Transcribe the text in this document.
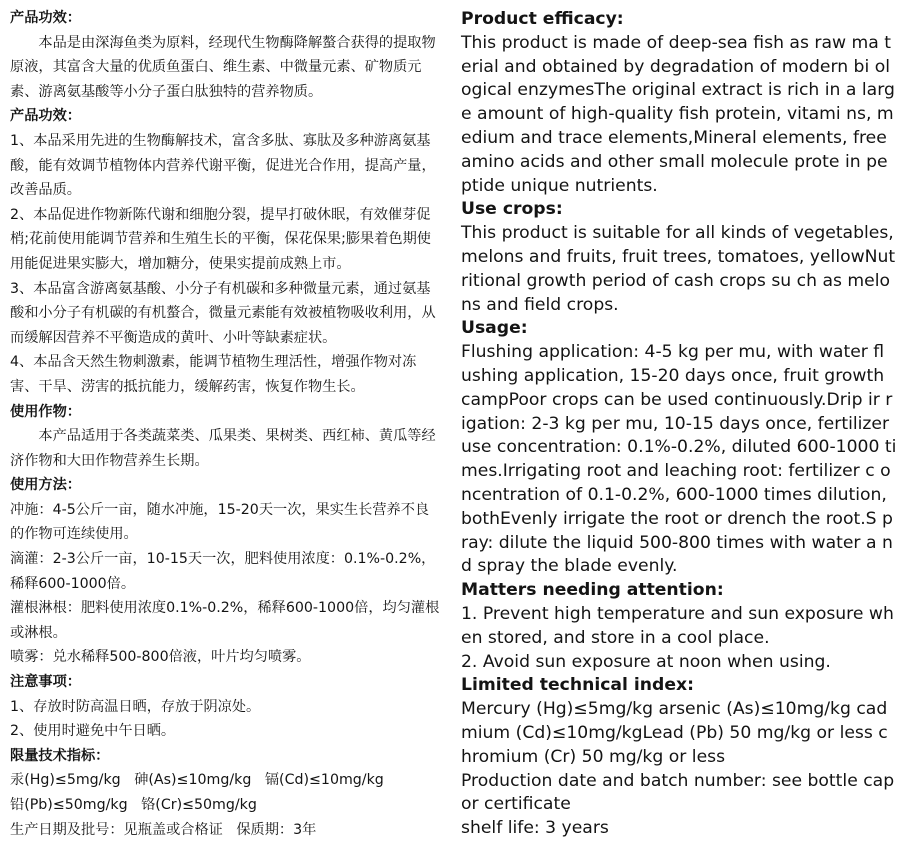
产品功效：
本品是由深海鱼类为原料，经现代生物酶降解螯合获得的提取物原液，其富含大量的优质鱼蛋白、维生素、中微量元素、矿物质元素、游离氨基酸等小分子蛋白肽独特的营养物质。
产品功效：
1、本品采用先进的生物酶解技术，富含多肽、寡肽及多种游离氨基酸，能有效调节植物体内营养代谢平衡，促进光合作用，提高产量，改善品质。
2、本品促进作物新陈代谢和细胞分裂，提早打破休眠，有效催芽促梢;花前使用能调节营养和生殖生长的平衡，保花保果;膨果着色期使用能促进果实膨大，增加糖分，使果实提前成熟上市。
3、本品富含游离氨基酸、小分子有机碳和多种微量元素，通过氨基酸和小分子有机碳的有机螯合，微量元素能有效被植物吸收利用，从而缓解因营养不平衡造成的黄叶、小叶等缺素症状。
4、本品含天然生物刺激素，能调节植物生理活性，增强作物对冻害、干旱、涝害的抵抗能力，缓解药害，恢复作物生长。
使用作物：
本产品适用于各类蔬菜类、瓜果类、果树类、西红柿、黄瓜等经济作物和大田作物营养生长期。
使用方法：
冲施：4-5公斤一亩，随水冲施，15-20天一次，果实生长营养不良的作物可连续使用。
滴灌：2-3公斤一亩，10-15天一次，肥料使用浓度：0.1%-0.2%，稀释600-1000倍。
灌根淋根：肥料使用浓度0.1%-0.2%，稀释600-1000倍，均匀灌根或淋根。
喷雾：兑水稀释500-800倍液，叶片均匀喷雾。
注意事项：
1、存放时防高温日晒，存放于阴凉处。
2、使用时避免中午日晒。
限量技术指标：
汞(Hg)≤5mg/kg   砷(As)≤10mg/kg   镉(Cd)≤10mg/kg
铅(Pb)≤50mg/kg   铬(Cr)≤50mg/kg
生产日期及批号：见瓶盖或合格证   保质期：3年
Product efficacy:
This product is made of deep-sea fish as raw ma terial and obtained by degradation of modern bi ological enzymesThe original extract is rich in a large amount of high-quality fish protein, vitami ns, medium and trace elements,Mineral elements, free amino acids and other small molecule prote in peptide unique nutrients.
Use crops:
This product is suitable for all kinds of vegetables, melons and fruits, fruit trees, tomatoes, yellowNutritional growth period of cash crops su ch as melons and field crops.
Usage:
Flushing application: 4-5 kg per mu, with water fl ushing application, 15-20 days once, fruit growth campPoor crops can be used continuously.Drip ir rigation: 2-3 kg per mu, 10-15 days once, fertilizer use concentration: 0.1%-0.2%, diluted 600-1000 times.Irrigating root and leaching root: fertilizer c oncentration of 0.1-0.2%, 600-1000 times dilution, bothEvenly irrigate the root or drench the root.S pray: dilute the liquid 500-800 times with water a nd spray the blade evenly.
Matters needing attention:
1. Prevent high temperature and sun exposure when stored, and store in a cool place.
2. Avoid sun exposure at noon when using.
Limited technical index:
Mercury (Hg)≤5mg/kg arsenic (As)≤10mg/kg cadmium (Cd)≤10mg/kgLead (Pb) 50 mg/kg or less chromium (Cr) 50 mg/kg or less
Production date and batch number: see bottle cap or certificate
shelf life: 3 years
